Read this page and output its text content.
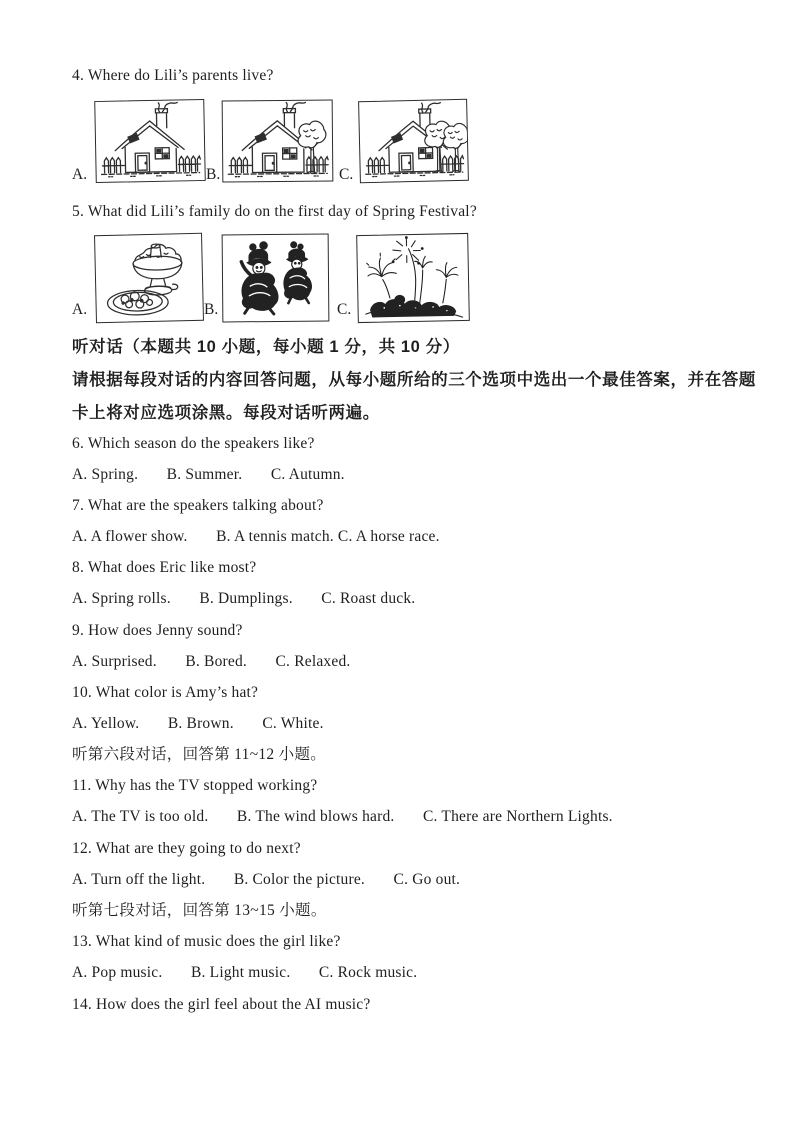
4. Where do Lili’s parents live?
A.	B.	C.
5. What did Lili’s family do on the first day of Spring Festival?
A.	B.	C.
听对话（本题共 10 小题，每小题 1 分，共 10 分）
请根据每段对话的内容回答问题，从每小题所给的三个选项中选出一个最佳答案，并在答题
卡上将对应选项涂黑。每段对话听两遍。
6. Which season do the speakers like?
A. Spring.       B. Summer.       C. Autumn.
7. What are the speakers talking about?
A. A flower show.       B. A tennis match. C. A horse race.
8. What does Eric like most?
A. Spring rolls.       B. Dumplings.       C. Roast duck.
9. How does Jenny sound?
A. Surprised.       B. Bored.       C. Relaxed.
10. What color is Amy’s hat?
A. Yellow.       B. Brown.       C. White.
听第六段对话，回答第 11~12 小题。
11. Why has the TV stopped working?
A. The TV is too old.       B. The wind blows hard.       C. There are Northern Lights.
12. What are they going to do next?
A. Turn off the light.       B. Color the picture.       C. Go out.
听第七段对话，回答第 13~15 小题。
13. What kind of music does the girl like?
A. Pop music.       B. Light music.       C. Rock music.
14. How does the girl feel about the AI music?
